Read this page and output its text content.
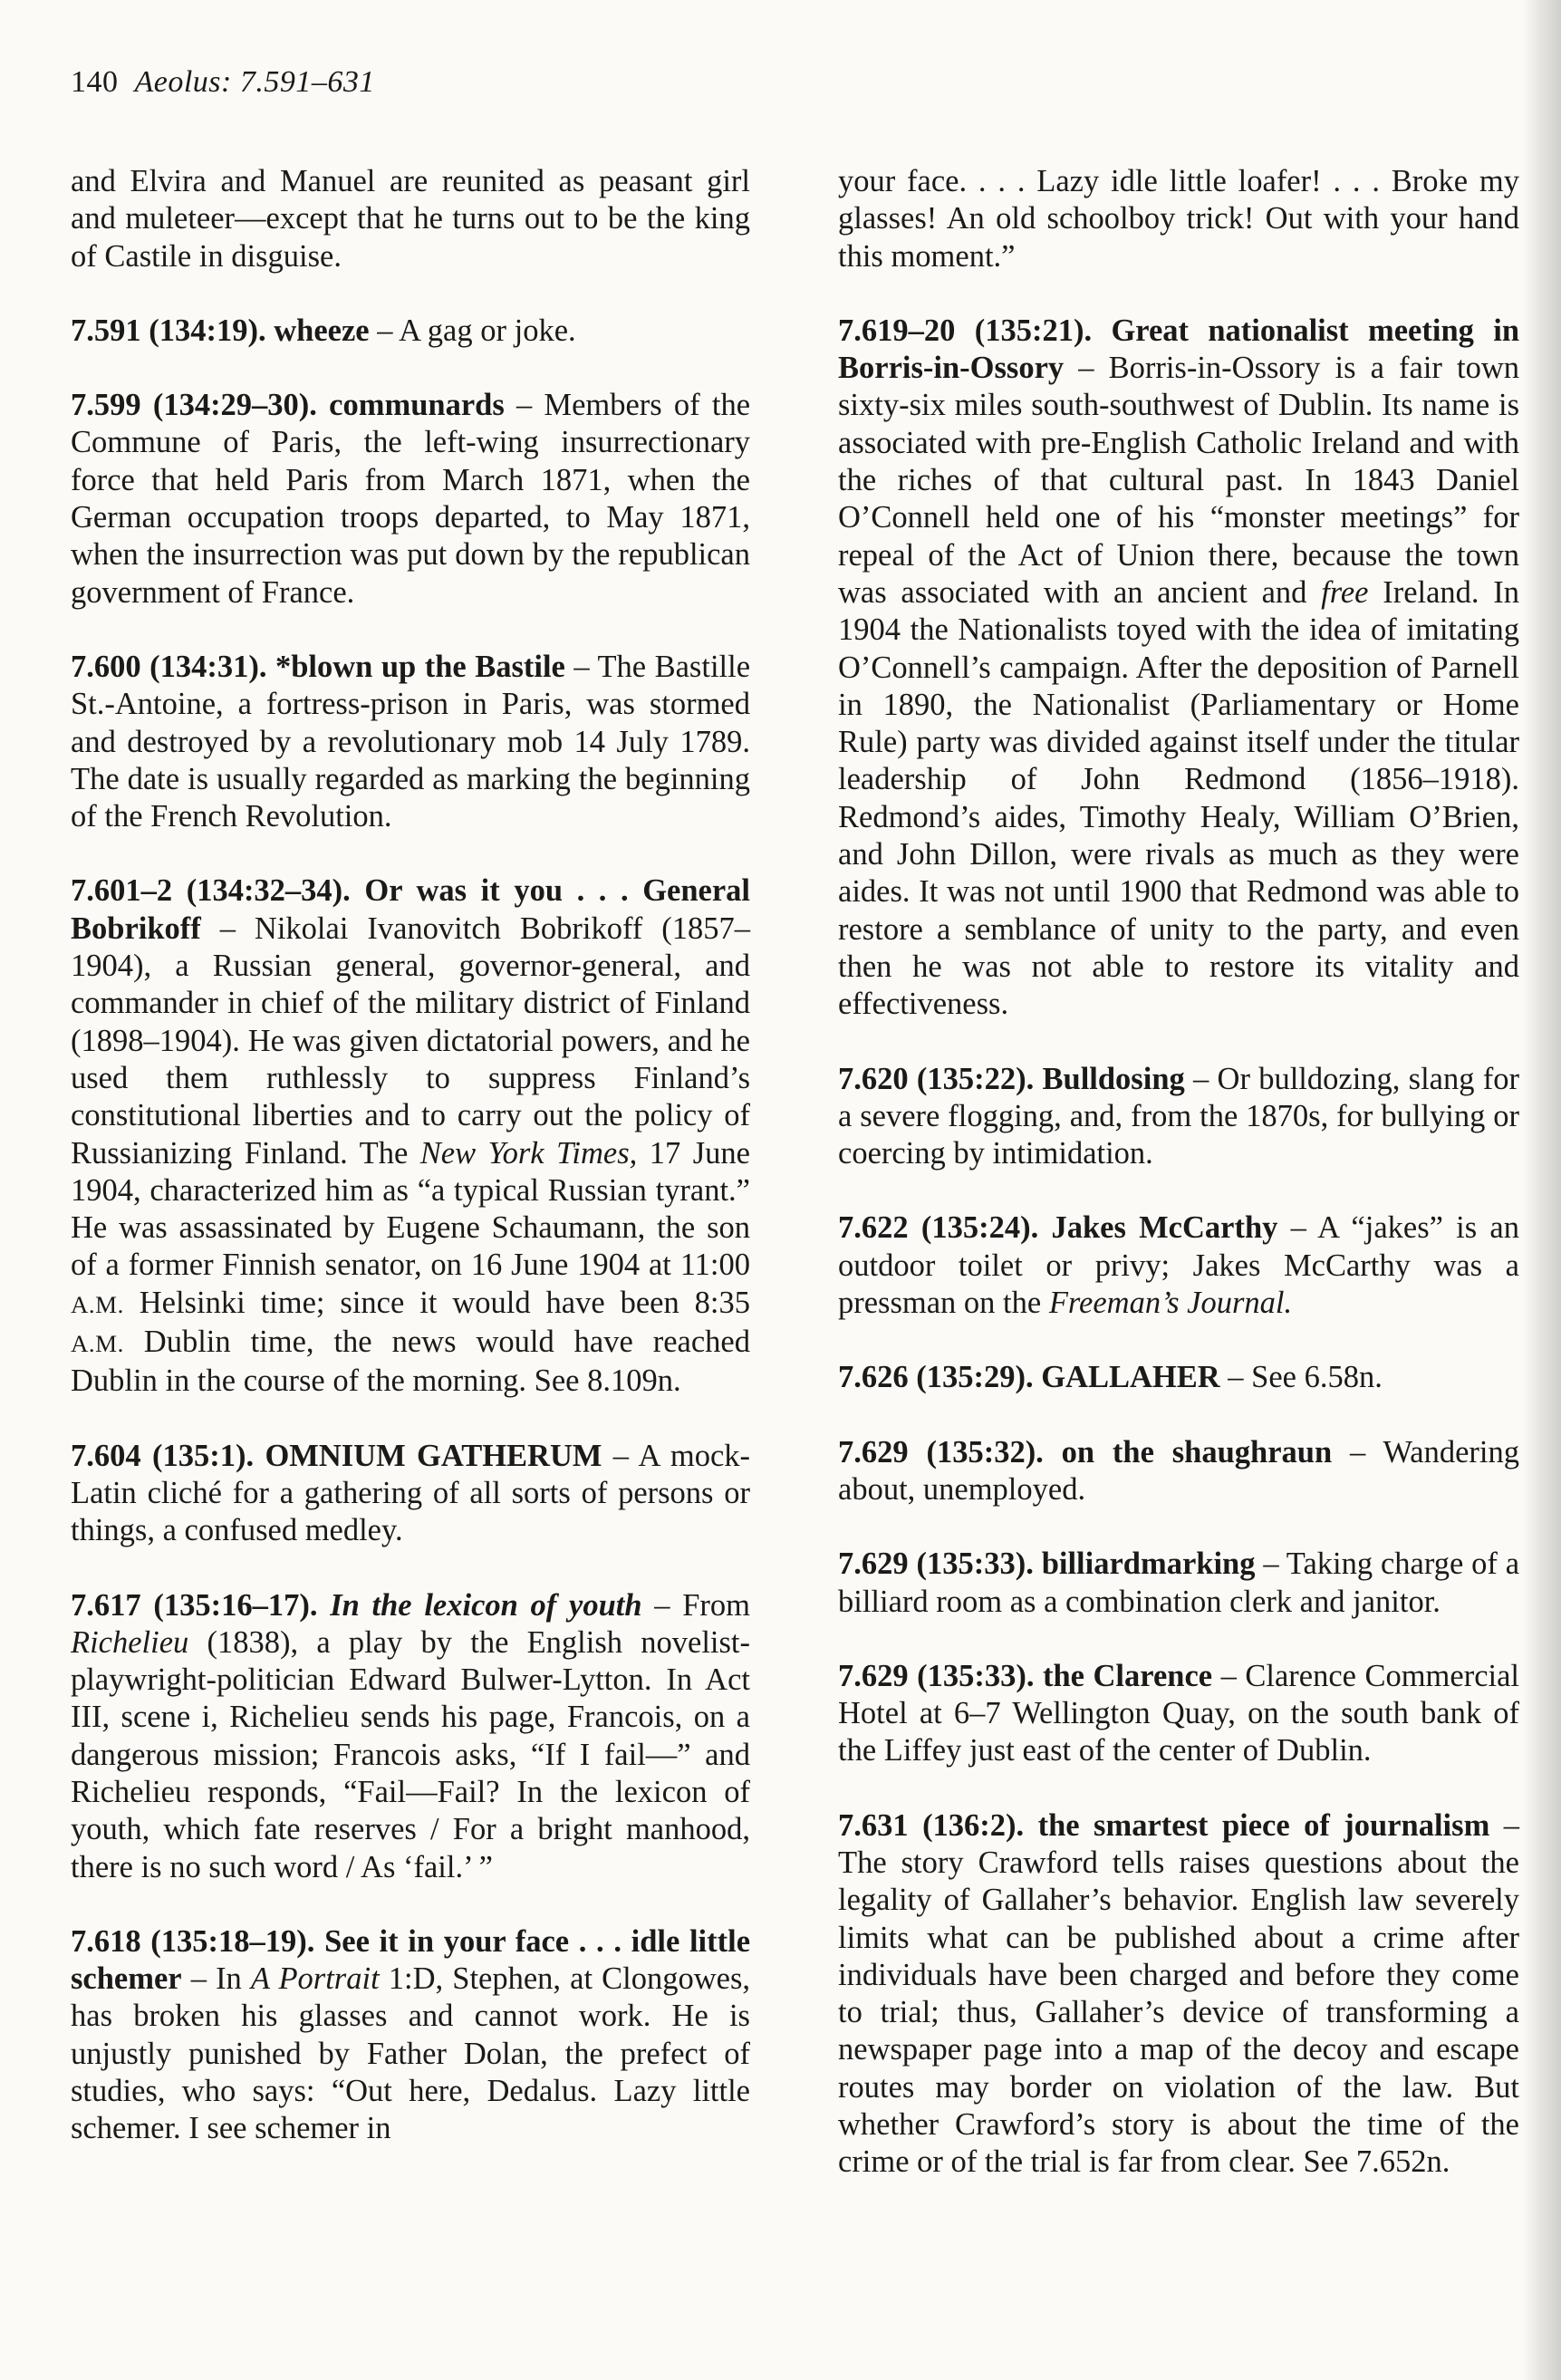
140 Aeolus: 7.591–631

and Elvira and Manuel are reunited as peasant girl and muleteer—except that he turns out to be the king of Castile in disguise.

7.591 (134:19). wheeze – A gag or joke.

7.599 (134:29–30). communards – Members of the Commune of Paris, the left-wing insurrectionary force that held Paris from March 1871, when the German occupation troops departed, to May 1871, when the insurrection was put down by the republican government of France.

7.600 (134:31). *blown up the Bastile – The Bastille St.-Antoine, a fortress-prison in Paris, was stormed and destroyed by a revolutionary mob 14 July 1789. The date is usually regarded as marking the beginning of the French Revolution.

7.601–2 (134:32–34). Or was it you . . . General Bobrikoff – Nikolai Ivanovitch Bobrikoff (1857–1904), a Russian general, governor-general, and commander in chief of the military district of Finland (1898–1904). He was given dictatorial powers, and he used them ruthlessly to suppress Finland’s constitutional liberties and to carry out the policy of Russianizing Finland. The New York Times, 17 June 1904, characterized him as “a typical Russian tyrant.” He was assassinated by Eugene Schaumann, the son of a former Finnish senator, on 16 June 1904 at 11:00 A.M. Helsinki time; since it would have been 8:35 A.M. Dublin time, the news would have reached Dublin in the course of the morning. See 8.109n.

7.604 (135:1). OMNIUM GATHERUM – A mock-Latin cliché for a gathering of all sorts of persons or things, a confused medley.

7.617 (135:16–17). In the lexicon of youth – From Richelieu (1838), a play by the English novelist-playwright-politician Edward Bulwer-Lytton. In Act III, scene i, Richelieu sends his page, Francois, on a dangerous mission; Francois asks, “If I fail—” and Richelieu responds, “Fail—Fail? In the lexicon of youth, which fate reserves / For a bright manhood, there is no such word / As ‘fail.’ ”

7.618 (135:18–19). See it in your face . . . idle little schemer – In A Portrait 1:D, Stephen, at Clongowes, has broken his glasses and cannot work. He is unjustly punished by Father Dolan, the prefect of studies, who says: “Out here, Dedalus. Lazy little schemer. I see schemer in

your face. . . . Lazy idle little loafer! . . . Broke my glasses! An old schoolboy trick! Out with your hand this moment.”

7.619–20 (135:21). Great nationalist meeting in Borris-in-Ossory – Borris-in-Ossory is a fair town sixty-six miles south-southwest of Dublin. Its name is associated with pre-English Catholic Ireland and with the riches of that cultural past. In 1843 Daniel O’Connell held one of his “monster meetings” for repeal of the Act of Union there, because the town was associated with an ancient and free Ireland. In 1904 the Nationalists toyed with the idea of imitating O’Connell’s campaign. After the deposition of Parnell in 1890, the Nationalist (Parliamentary or Home Rule) party was divided against itself under the titular leadership of John Redmond (1856–1918). Redmond’s aides, Timothy Healy, William O’Brien, and John Dillon, were rivals as much as they were aides. It was not until 1900 that Redmond was able to restore a semblance of unity to the party, and even then he was not able to restore its vitality and effectiveness.

7.620 (135:22). Bulldosing – Or bulldozing, slang for a severe flogging, and, from the 1870s, for bullying or coercing by intimidation.

7.622 (135:24). Jakes McCarthy – A “jakes” is an outdoor toilet or privy; Jakes McCarthy was a pressman on the Freeman’s Journal.

7.626 (135:29). GALLAHER – See 6.58n.

7.629 (135:32). on the shaughraun – Wandering about, unemployed.

7.629 (135:33). billiardmarking – Taking charge of a billiard room as a combination clerk and janitor.

7.629 (135:33). the Clarence – Clarence Commercial Hotel at 6–7 Wellington Quay, on the south bank of the Liffey just east of the center of Dublin.

7.631 (136:2). the smartest piece of journalism – The story Crawford tells raises questions about the legality of Gallaher’s behavior. English law severely limits what can be published about a crime after individuals have been charged and before they come to trial; thus, Gallaher’s device of transforming a newspaper page into a map of the decoy and escape routes may border on violation of the law. But whether Crawford’s story is about the time of the crime or of the trial is far from clear. See 7.652n.
